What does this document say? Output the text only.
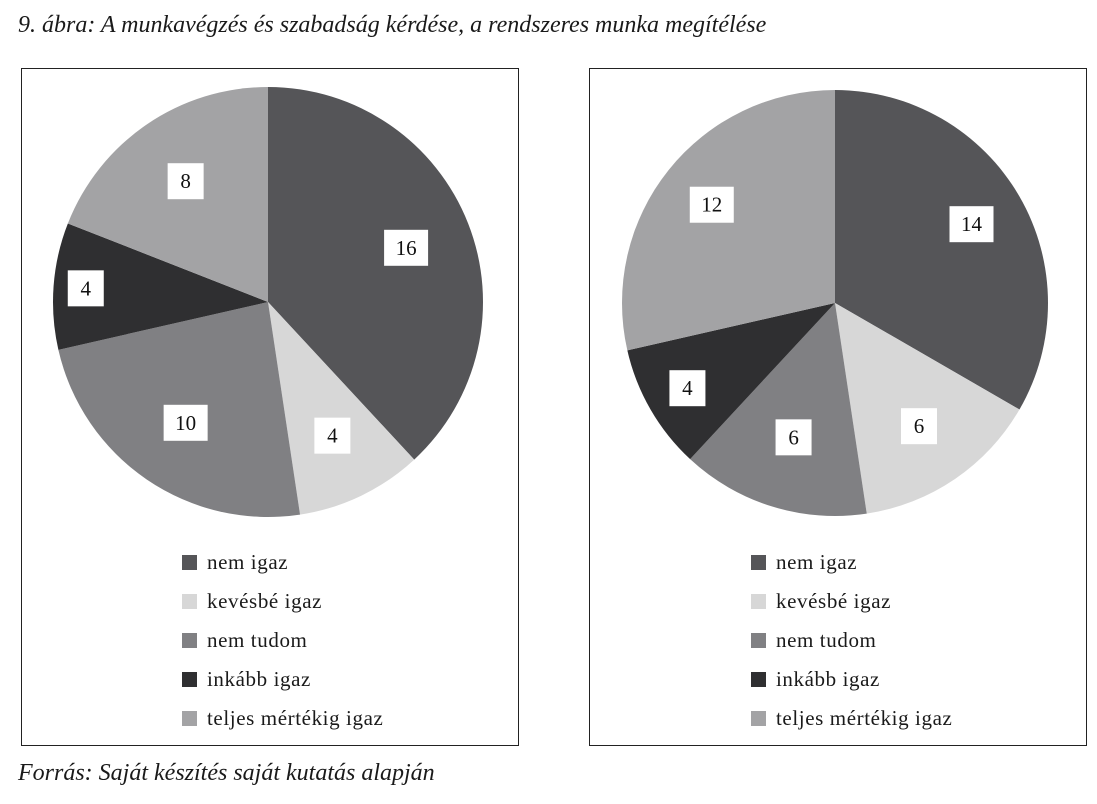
9. ábra: A munkavégzés és szabadság kérdése, a rendszeres munka megítélése
16
4
10
4
8
nem igaz
kevésbé igaz
nem tudom
inkább igaz
teljes mértékig igaz
14
6
6
4
12
nem igaz
kevésbé igaz
nem tudom
inkább igaz
teljes mértékig igaz
Forrás: Saját készítés saját kutatás alapján
